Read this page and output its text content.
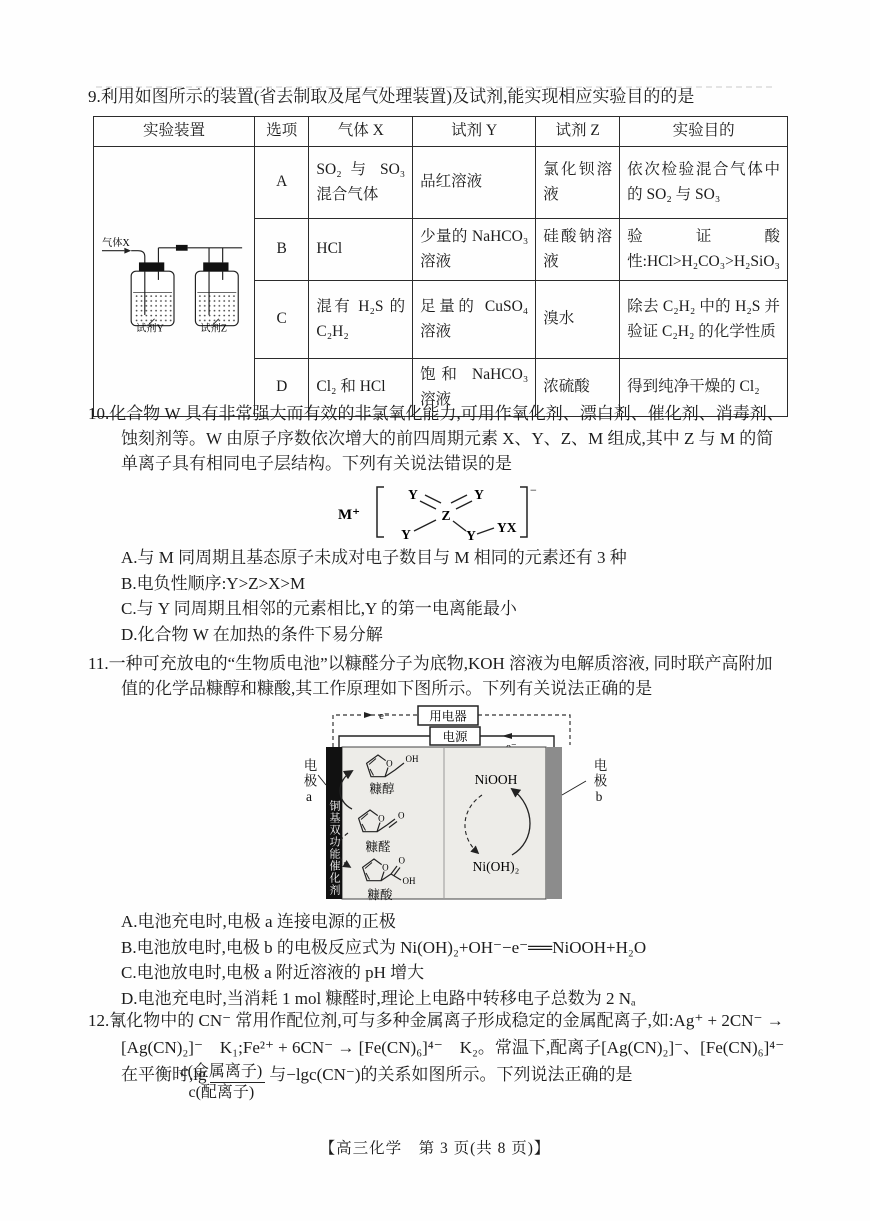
9.利用如图所示的装置(省去制取及尾气处理装置)及试剂,能实现相应实验目的的是

实验装置	选项	气体 X	试剂 Y	试剂 Z	实验目的

气体X
试剂Y 试剂Z	A	SO₂ 与 SO₃ 混合气体	品红溶液	氯化钡溶液	依次检验混合气体中的 SO₂ 与 SO₃
	B	HCl	少量的 NaHCO₃ 溶液	硅酸钠溶液	验证酸性:HCl>H₂CO₃>H₂SiO₃
	C	混有 H₂S 的 C₂H₂	足量的 CuSO₄ 溶液	溴水	除去 C₂H₂ 中的 H₂S 并验证 C₂H₂ 的化学性质
	D	Cl₂ 和 HCl	饱和 NaHCO₃ 溶液	浓硫酸	得到纯净干燥的 Cl₂

10.化合物 W 具有非常强大而有效的非氯氧化能力,可用作氧化剂、漂白剂、催化剂、消毒剂、蚀刻剂等。W 由原子序数依次增大的前四周期元素 X、Y、Z、M 组成,其中 Z 与 M 的简单离子具有相同电子层结构。下列有关说法错误的是

M⁺
−
Y	Y
Z
Y	Y
YX
A.与 M 同周期且基态原子未成对电子数目与 M 相同的元素还有 3 种
B.电负性顺序:Y>Z>X>M
C.与 Y 同周期且相邻的元素相比,Y 的第一电离能最小
D.化合物 W 在加热的条件下易分解

11.一种可充放电的“生物质电池”以糠醛分子为底物,KOH 溶液为电解质溶液, 同时联产高附加值的化学品糠醇和糠酸,其工作原理如下图所示。下列有关说法正确的是

e⁻	用电器
电源
O OH
糠醇
O O
糠醛
O
O
OH
糠酸
NiOOH
Ni(OH)₂
电极a	电极b
铜基双功能催化剂
A.电池充电时,电极 a 连接电源的正极
B.电池放电时,电极 b 的电极反应式为 Ni(OH)₂+OH⁻−e⁻══NiOOH+H₂O
C.电池放电时,电极 a 附近溶液的 pH 增大
D.电池充电时,当消耗 1 mol 糠醛时,理论上电路中转移电子总数为 2 Nₐ

12.氰化物中的 CN⁻ 常用作配位剂,可与多种金属离子形成稳定的金属配离子,如:Ag⁺ + 2CN⁻ → [Ag(CN)₂]⁻　K₁;Fe²⁺ + 6CN⁻ → [Fe(CN)₆]⁴⁻　K₂。常温下,配离子[Ag(CN)₂]⁻、[Fe(CN)₆]⁴⁻ 在平衡时$,\lg \frac{\text{c(金属离子)}}{\text{c(配离子)}}$ 与−lgc(CN⁻)的关系如图所示。下列说法正确的是

【高三化学　第 3 页(共 8 页)】
